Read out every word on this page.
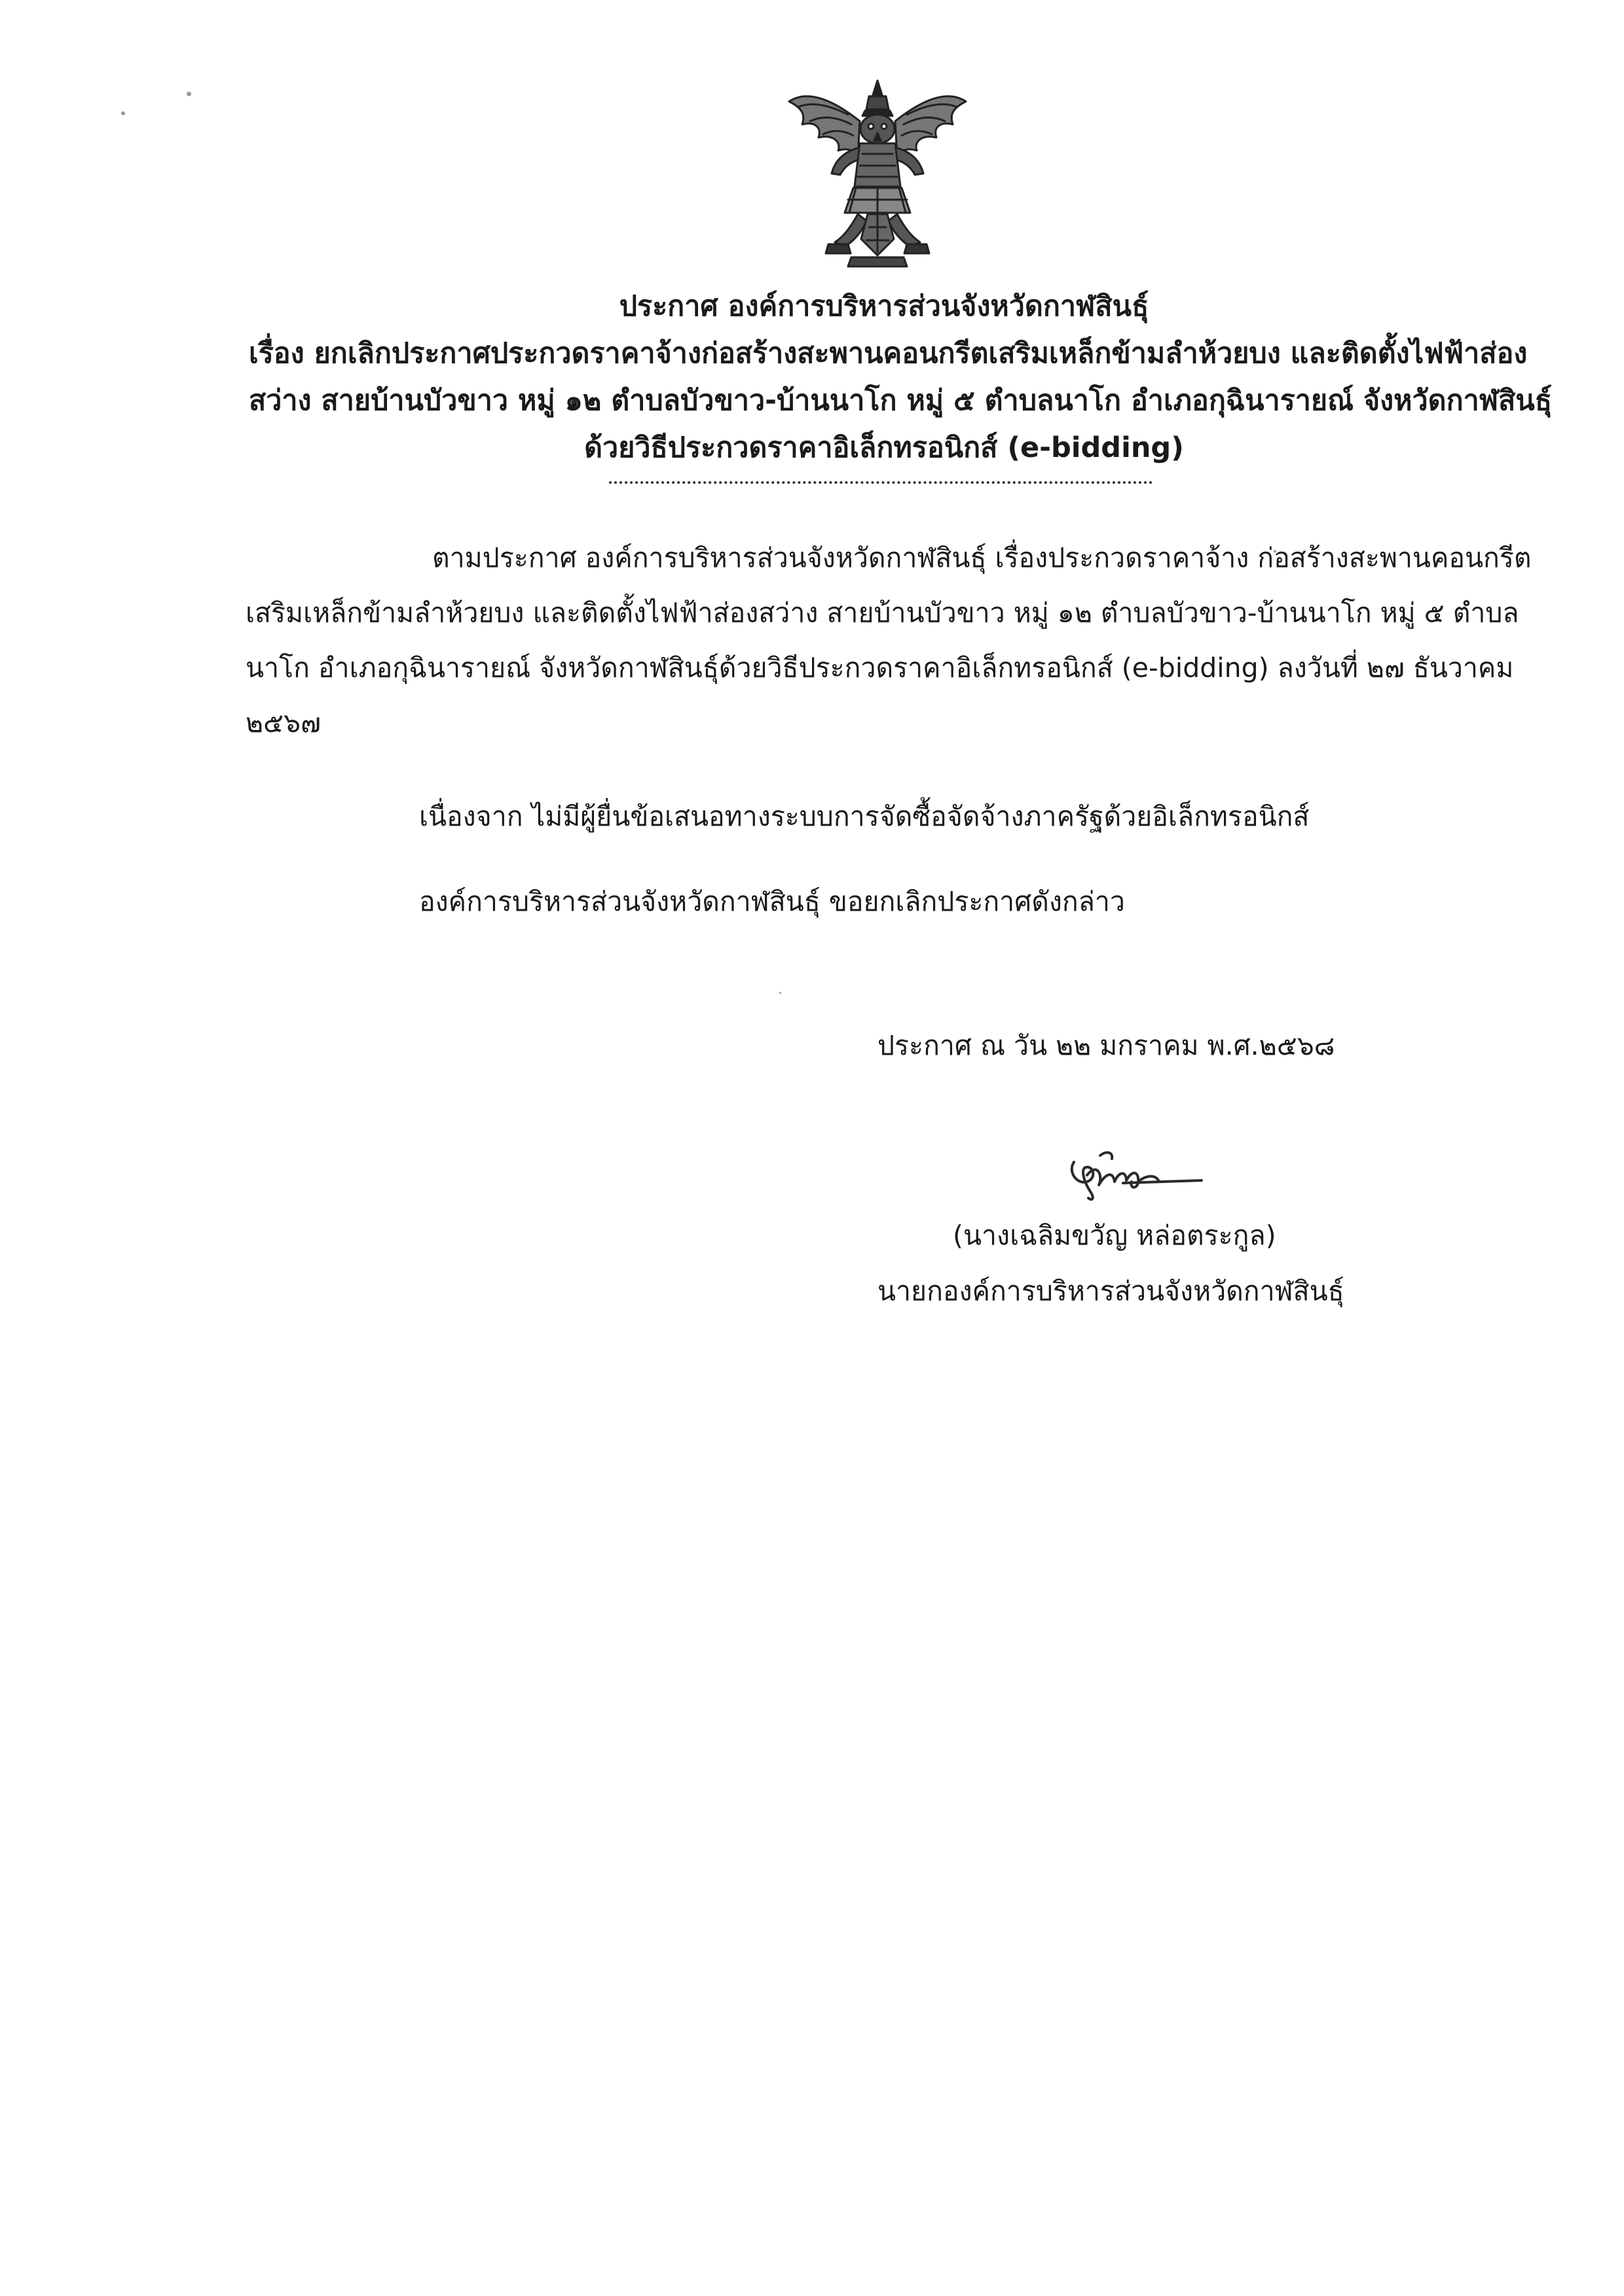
ประกาศ องค์การบริหารส่วนจังหวัดกาฬสินธุ์
เรื่อง ยกเลิกประกาศประกวดราคาจ้างก่อสร้างสะพานคอนกรีตเสริมเหล็กข้ามลำห้วยบง และติดตั้งไฟฟ้าส่อง
สว่าง สายบ้านบัวขาว หมู่ ๑๒ ตำบลบัวขาว-บ้านนาโก หมู่ ๕ ตำบลนาโก อำเภอกุฉินารายณ์ จังหวัดกาฬสินธุ์
ด้วยวิธีประกวดราคาอิเล็กทรอนิกส์ (e-bidding)
ตามประกาศ องค์การบริหารส่วนจังหวัดกาฬสินธุ์ เรื่องประกวดราคาจ้าง ก่อสร้างสะพานคอนกรีต
เสริมเหล็กข้ามลำห้วยบง และติดตั้งไฟฟ้าส่องสว่าง สายบ้านบัวขาว หมู่ ๑๒ ตำบลบัวขาว-บ้านนาโก หมู่ ๕ ตำบล
นาโก อำเภอกุฉินารายณ์ จังหวัดกาฬสินธุ์ด้วยวิธีประกวดราคาอิเล็กทรอนิกส์ (e-bidding) ลงวันที่ ๒๗ ธันวาคม
๒๕๖๗
เนื่องจาก ไม่มีผู้ยื่นข้อเสนอทางระบบการจัดซื้อจัดจ้างภาครัฐด้วยอิเล็กทรอนิกส์
องค์การบริหารส่วนจังหวัดกาฬสินธุ์ ขอยกเลิกประกาศดังกล่าว
ประกาศ ณ วัน ๒๒ มกราคม พ.ศ.๒๕๖๘
(นางเฉลิมขวัญ หล่อตระกูล)
นายกองค์การบริหารส่วนจังหวัดกาฬสินธุ์
